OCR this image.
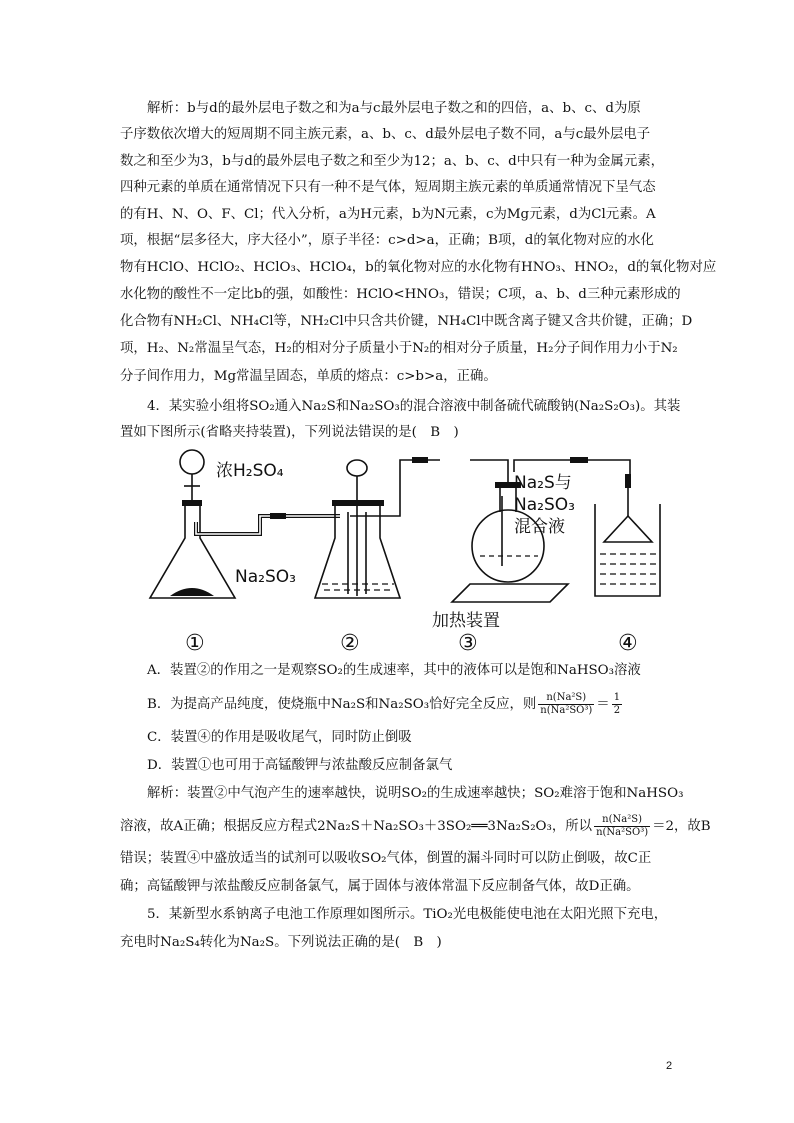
解析：b与d的最外层电子数之和为a与c最外层电子数之和的四倍，a、b、c、d为原
子序数依次增大的短周期不同主族元素，a、b、c、d最外层电子数不同，a与c最外层电子
数之和至少为3，b与d的最外层电子数之和至少为12；a、b、c、d中只有一种为金属元素，
四种元素的单质在通常情况下只有一种不是气体，短周期主族元素的单质通常情况下呈气态
的有H、N、O、F、Cl；代入分析，a为H元素，b为N元素，c为Mg元素，d为Cl元素。A
项，根据“层多径大，序大径小”，原子半径：c>d>a，正确；B项，d的氧化物对应的水化
物有HClO、HClO₂、HClO₃、HClO₄，b的氧化物对应的水化物有HNO₃、HNO₂，d的氧化物对应
水化物的酸性不一定比b的强，如酸性：HClO<HNO₃，错误；C项，a、b、d三种元素形成的
化合物有NH₂Cl、NH₄Cl等，NH₂Cl中只含共价键，NH₄Cl中既含离子键又含共价键，正确；D
项，H₂、N₂常温呈气态，H₂的相对分子质量小于N₂的相对分子质量，H₂分子间作用力小于N₂
分子间作用力，Mg常温呈固态，单质的熔点：c>b>a，正确。
4．某实验小组将SO₂通入Na₂S和Na₂SO₃的混合溶液中制备硫代硫酸钠(Na₂S₂O₃)。其装
置如下图所示(省略夹持装置)，下列说法错误的是(　B　)
浓H₂SO₄
Na₂SO₃
Na₂S与
Na₂SO₃
混合液
加热装置
①	②	③	④
A．装置②的作用之一是观察SO₂的生成速率，其中的液体可以是饱和NaHSO₃溶液
B．为提高产品纯度，使烧瓶中Na₂S和Na₂SO₃恰好完全反应，则 $\frac{\text{n(Na²S)}}{\text{n(Na²SO³)}} = \frac{1}{2}$
C．装置④的作用是吸收尾气，同时防止倒吸
D．装置①也可用于高锰酸钾与浓盐酸反应制备氯气
解析：装置②中气泡产生的速率越快，说明SO₂的生成速率越快；SO₂难溶于饱和NaHSO₃
溶液，故A正确；根据反应方程式2Na₂S＋Na₂SO₃＋3SO₂══3Na₂S₂O₃，所以 $\frac{\text{n(Na²S)}}{\text{n(Na²SO³)}} =2$，故B
错误；装置④中盛放适当的试剂可以吸收SO₂气体，倒置的漏斗同时可以防止倒吸，故C正
确；高锰酸钾与浓盐酸反应制备氯气，属于固体与液体常温下反应制备气体，故D正确。
5．某新型水系钠离子电池工作原理如图所示。TiO₂光电极能使电池在太阳光照下充电，
充电时Na₂S₄转化为Na₂S。下列说法正确的是(　B　)
2
